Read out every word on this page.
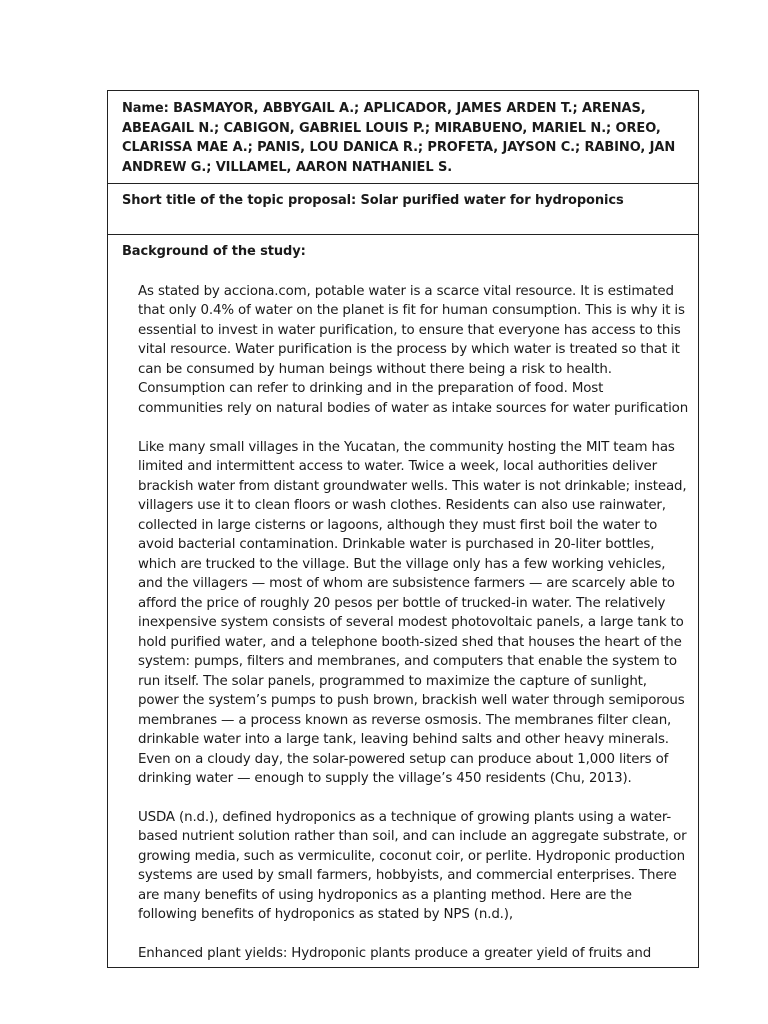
Name: BASMAYOR, ABBYGAIL A.; APLICADOR, JAMES ARDEN T.; ARENAS, ABEAGAIL N.; CABIGON, GABRIEL LOUIS P.; MIRABUENO, MARIEL N.; OREO, CLARISSA MAE A.; PANIS, LOU DANICA R.; PROFETA, JAYSON C.; RABINO, JAN ANDREW G.; VILLAMEL, AARON NATHANIEL S.

Short title of the topic proposal: Solar purified water for hydroponics

Background of the study:

As stated by acciona.com, potable water is a scarce vital resource. It is estimated that only 0.4% of water on the planet is fit for human consumption. This is why it is essential to invest in water purification, to ensure that everyone has access to this vital resource. Water purification is the process by which water is treated so that it can be consumed by human beings without there being a risk to health. Consumption can refer to drinking and in the preparation of food. Most communities rely on natural bodies of water as intake sources for water purification

Like many small villages in the Yucatan, the community hosting the MIT team has limited and intermittent access to water. Twice a week, local authorities deliver brackish water from distant groundwater wells. This water is not drinkable; instead, villagers use it to clean floors or wash clothes. Residents can also use rainwater, collected in large cisterns or lagoons, although they must first boil the water to avoid bacterial contamination. Drinkable water is purchased in 20-liter bottles, which are trucked to the village. But the village only has a few working vehicles, and the villagers — most of whom are subsistence farmers — are scarcely able to afford the price of roughly 20 pesos per bottle of trucked-in water. The relatively inexpensive system consists of several modest photovoltaic panels, a large tank to hold purified water, and a telephone booth-sized shed that houses the heart of the system: pumps, filters and membranes, and computers that enable the system to run itself. The solar panels, programmed to maximize the capture of sunlight, power the system’s pumps to push brown, brackish well water through semiporous membranes — a process known as reverse osmosis. The membranes filter clean, drinkable water into a large tank, leaving behind salts and other heavy minerals. Even on a cloudy day, the solar-powered setup can produce about 1,000 liters of drinking water — enough to supply the village’s 450 residents (Chu, 2013).

USDA (n.d.), defined hydroponics as a technique of growing plants using a water-based nutrient solution rather than soil, and can include an aggregate substrate, or growing media, such as vermiculite, coconut coir, or perlite. Hydroponic production systems are used by small farmers, hobbyists, and commercial enterprises. There are many benefits of using hydroponics as a planting method. Here are the following benefits of hydroponics as stated by NPS (n.d.),

Enhanced plant yields: Hydroponic plants produce a greater yield of fruits and
